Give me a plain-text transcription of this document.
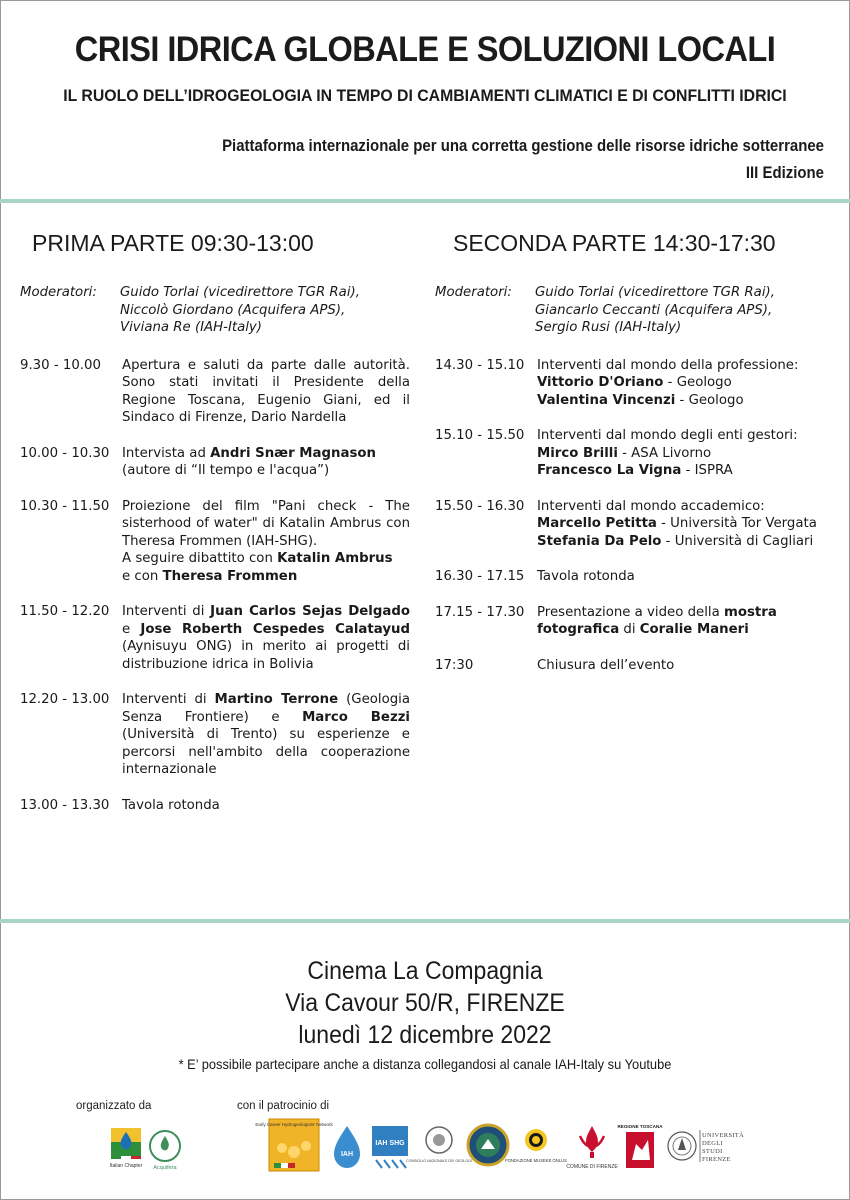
CRISI IDRICA GLOBALE E SOLUZIONI LOCALI
IL RUOLO DELL’IDROGEOLOGIA IN TEMPO DI CAMBIAMENTI CLIMATICI E DI CONFLITTI IDRICI
Piattaforma internazionale per una corretta gestione delle risorse idriche sotterranee
III Edizione
PRIMA PARTE 09:30-13:00
Moderatori:	Guido Torlai (vicedirettore TGR Rai),
Niccolò Giordano (Acquifera APS),
Viviana Re (IAH-Italy)
9.30 - 10.00	Apertura e saluti da parte dalle autorità. Sono stati invitati il Presidente della Regione Toscana, Eugenio Giani, ed il Sindaco di Firenze, Dario Nardella
10.00 - 10.30 Intervista ad Andri Snær Magnason
(autore di “Il tempo e l'acqua”)
10.30 - 11.50 Proiezione del film "Pani check - The sisterhood of water" di Katalin Ambrus con Theresa Frommen (IAH-SHG).
A seguire dibattito con Katalin Ambrus
e con Theresa Frommen
11.50 - 12.20 Interventi di Juan Carlos Sejas Delgado e Jose Roberth Cespedes Calatayud (Aynisuyu ONG) in merito ai progetti di distribuzione idrica in Bolivia
12.20 - 13.00 Interventi di Martino Terrone (Geologia Senza Frontiere) e Marco Bezzi (Università di Trento) su esperienze e percorsi nell'ambito della cooperazione internazionale
13.00 - 13.30 Tavola rotonda
SECONDA PARTE 14:30-17:30
Moderatori:	Guido Torlai (vicedirettore TGR Rai),
Giancarlo Ceccanti (Acquifera APS),
Sergio Rusi (IAH-Italy)
14.30 - 15.10 Interventi dal mondo della professione:
Vittorio D'Oriano - Geologo
Valentina Vincenzi - Geologo
15.10 - 15.50 Interventi dal mondo degli enti gestori:
Mirco Brilli - ASA Livorno
Francesco La Vigna - ISPRA
15.50 - 16.30 Interventi dal mondo accademico:
Marcello Petitta - Università Tor Vergata
Stefania Da Pelo - Università di Cagliari
16.30 - 17.15 Tavola rotonda
17.15 - 17.30 Presentazione a video della mostra fotografica di Coralie Maneri
17:30	Chiusura dell’evento
Cinema La Compagnia
Via Cavour 50/R, FIRENZE
lunedì 12 dicembre 2022
* E’ possibile partecipare anche a distanza collegandosi al canale IAH-Italy su Youtube
organizzato da	con il patrocinio di
Italian Chapter Acquifera
Early Career Hydrogeologists' Network
IAH
IAH SHG
CONSIGLIO NAZIONALE DEI GEOLOGI	FONDAZIONE MUSEKE ONLUS
COMUNE DI FIRENZE
REGIONE TOSCANA
UNIVERSITÀ DEGLI STUDI FIRENZE
